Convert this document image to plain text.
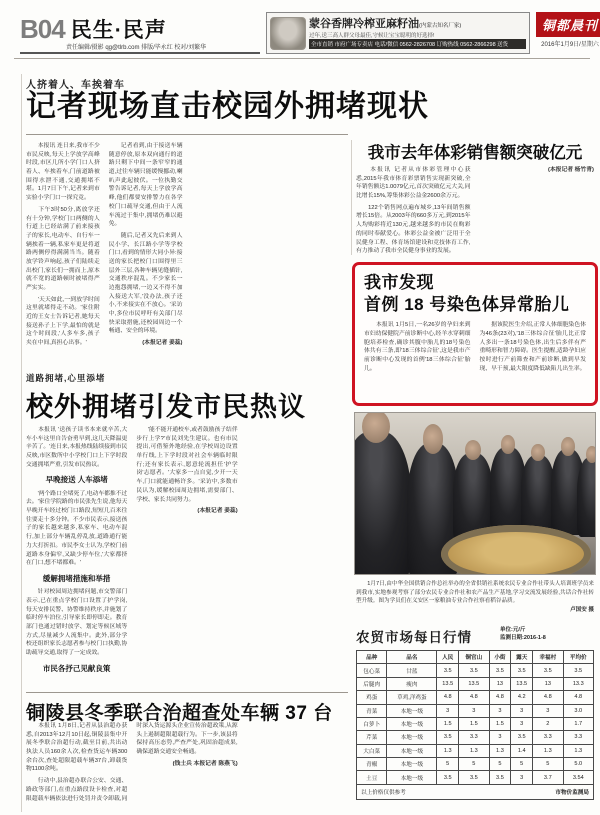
B04 民生·民声
责任编辑/摄影 qg@tlrb.com 排版/毕永红 校对/刘繁华
蒙谷香牌冷榨亚麻籽油(内蒙古知名厂家)
过年,送三高人群父母最佳,守候让宝宝聪明的好选择!
全市直销 市府广场专卖店 电话/微信 0562-2826708 订购热线 0562-2866298 送货
铜都晨刊
2016年1月9日/星期六
人挤着人、车挨着车
记者现场直击校园外拥堵现状

　　本报讯 连日来,我市不少市民反映,每天上学放学高峰时段,市区几所小学门口人挤着人、车挨着车,门前道路被围得水泄不通,交通拥堵不堪。1月7日下午,记者来到市实验小学门口一探究竟。

　　下午3时50分,离放学还有十分钟,学校门口两侧的人行道上已经站满了前来接孩子的家长,电动车、自行车一辆挨着一辆,私家车更是将道路两侧停得满满当当。随着放学铃声响起,孩子们陆续走出校门,家长们一拥而上,原本就不宽的道路顿时被堵得严严实实。

　　'天天如此,一到放学时间这里就堵得走不动。'家住附近的王女士告诉记者,她每天接送孙子上下学,最怕的就是这个时间段,'人多车多,孩子夹在中间,真担心出事。'

　　记者看到,由于接送车辆随意停放,原本双向通行的道路只剩下中间一条窄窄的通道,过往车辆只能缓慢挪动,喇叭声此起彼伏。一位执勤交警告诉记者,每天上学放学高峰,他们都要安排警力在各学校门口疏导交通,但由于人流车流过于集中,拥堵仍难以避免。

　　随后,记者又先后来到人民小学、长江路小学等学校门口,看到的情形大同小异:接送的家长把校门口围得里三层外三层,各种车辆见缝插针,交通秩序混乱。不少家长一边抱怨拥堵,一边又不得不加入接送大军,'没办法,孩子还小,不来接实在不放心。'采访中,多位市民呼吁有关部门尽快采取措施,还校园周边一个畅通、安全的环境。

(本报记者 姜蕊)

道路拥堵,心里添堵
校外拥堵引发市民热议

　　本报讯 '送孩子读书本来就辛苦,大车小车这里自告奋勇早到,这几天降温更辛苦了。'连日来,本报热线陆续接到市民反映,市区数所中小学校门口上下学时段交通拥堵严重,引发市民热议。

早晚接送 人车添堵

　　'两个路口全堵死了,电动车都推不过去。'家住学院路的市民张先生说,他每天早晚开车经过校门口路段,短短几百米往往要走十多分钟。不少市民表示,接送孩子的家长越来越多,私家车、电动车混行,加上部分车辆乱停乱放,道路通行能力大打折扣。市民李女士认为,学校门前道路本身偏窄,又缺少停车位,'大家都挤在门口,想不堵都难。'

缓解拥堵措施和举措

　　针对校园周边拥堵问题,市交警部门表示,已在重点学校门口设置了护学岗,每天安排民警、协警维持秩序,并施划了临时停车泊位,引导家长即停即走。教育部门也通过错时放学、划定等候区域等方式,尽量减少人流集中。此外,部分学校还组织家长志愿者参与校门口执勤,协助疏导交通,取得了一定成效。

市民各抒己见献良策

　　'能不能开通校车,或者鼓励孩子结伴步行上学?'市民刘先生建议。也有市民提出,可借鉴外地经验,在学校周边设置单行线,上下学时段对社会车辆临时限行;还有家长表示,愿意轮流担任'护学岗'志愿者。'大家多一点自觉,少开一天车,门口就能通畅许多。'采访中,多数市民认为,缓解校园周边拥堵,需要部门、学校、家长共同努力。

(本报记者 姜蕊)

铜陵县冬季联合治超查处车辆 37 台

　　本报讯 1月8日,记者从县治超办获悉,自2013年12月10日起,铜陵县集中开展冬季联合治超行动,截至目前,共出动执法人员160余人次,检查货运车辆300余台次,查处超限超载车辆37台,卸载货物1100余吨。

　　行动中,县治超办联合公安、交通、路政等部门,在重点路段设卡检查,对超限超载车辆依法进行处罚并责令卸载,同时深入货运源头企业宣传治超政策,从源头上遏制超限超载行为。下一步,该县将保持高压态势,严查严处,巩固治超成果,确保道路交通安全畅通。

(钱士兵 本报记者 陈燕飞)

我市去年体彩销售额突破亿元

　　本报讯 记者从市体彩管理中心获悉,2015年我市体育彩票销售实现新突破,全年销售额达1.0079亿元,首次突破亿元大关,同比增长15%,筹集体彩公益金2600余万元。

　　122个销售网点遍布城乡,13年间销售额增长15倍。从2003年的660多万元,到2015年人均购彩将近130元,越来越多的市民在购彩的同时奉献爱心。体彩公益金被广泛用于全民健身工程、体育场馆建设和竞技体育工作,有力推动了我市全民健身事业的发展。

(本报记者 杨竹青)

我市发现
首例 18 号染色体异常胎儿

　　本报讯 1月5日,一名26岁的孕妇来到市妇幼保健院产前诊断中心,经羊水穿刺细胞培养检查,确诊其腹中胎儿的18号染色体共有三条,即'18三体综合征',这是我市产前诊断中心发现的首例'18三体综合征'胎儿。

　　据该院医生介绍,正常人体细胞染色体为46条(23对),'18三体综合征'胎儿比正常人多出一条18号染色体,出生后多伴有严重畸形和智力障碍。医生提醒,适龄孕妇应按时进行产前筛查和产前诊断,做到早发现、早干预,最大限度降低缺陷儿出生率。

　　1月7日,由中华全国供销合作总社举办的全省供销社系统农民专业合作社带头人培训班学员来到我市,实地参观考察了部分农民专业合作社和农产品生产基地,学习交流发展经验,共话合作社转型升级。图为学员们在义安区一家粮油专业合作社察看稻谷品质。
卢国安 摄
农贸市场每日行情	单位:元/斤
监测日期:2016-1-8
品种	品名	人民	铜官山	小街	露天	幸福村	平均价
包心菜	甘蓝	3.5	3.5	3.5	3.5	3.5	3.5
后腿肉	瘦肉	13.5	13.5	13	13.5	13	13.3
鸡蛋	草鸡,洋鸡蛋	4.8	4.8	4.8	4.2	4.8	4.8
青菜	本地一级	3	3	3	3	3	3.0
白萝卜	本地一级	1.5	1.5	1.5	3	2	1.7
芹菜	本地一级	3.5	3.3	3	3.5	3.3	3.3
大白菜	本地一级	1.3	1.3	1.3	1.4	1.3	1.3
青椒	本地一级	5	5	5	5	5	5.0
土豆	本地一级	3.5	3.5	3.5	3	3.7	3.54
以上价格仅供参考 市物价监测局							
